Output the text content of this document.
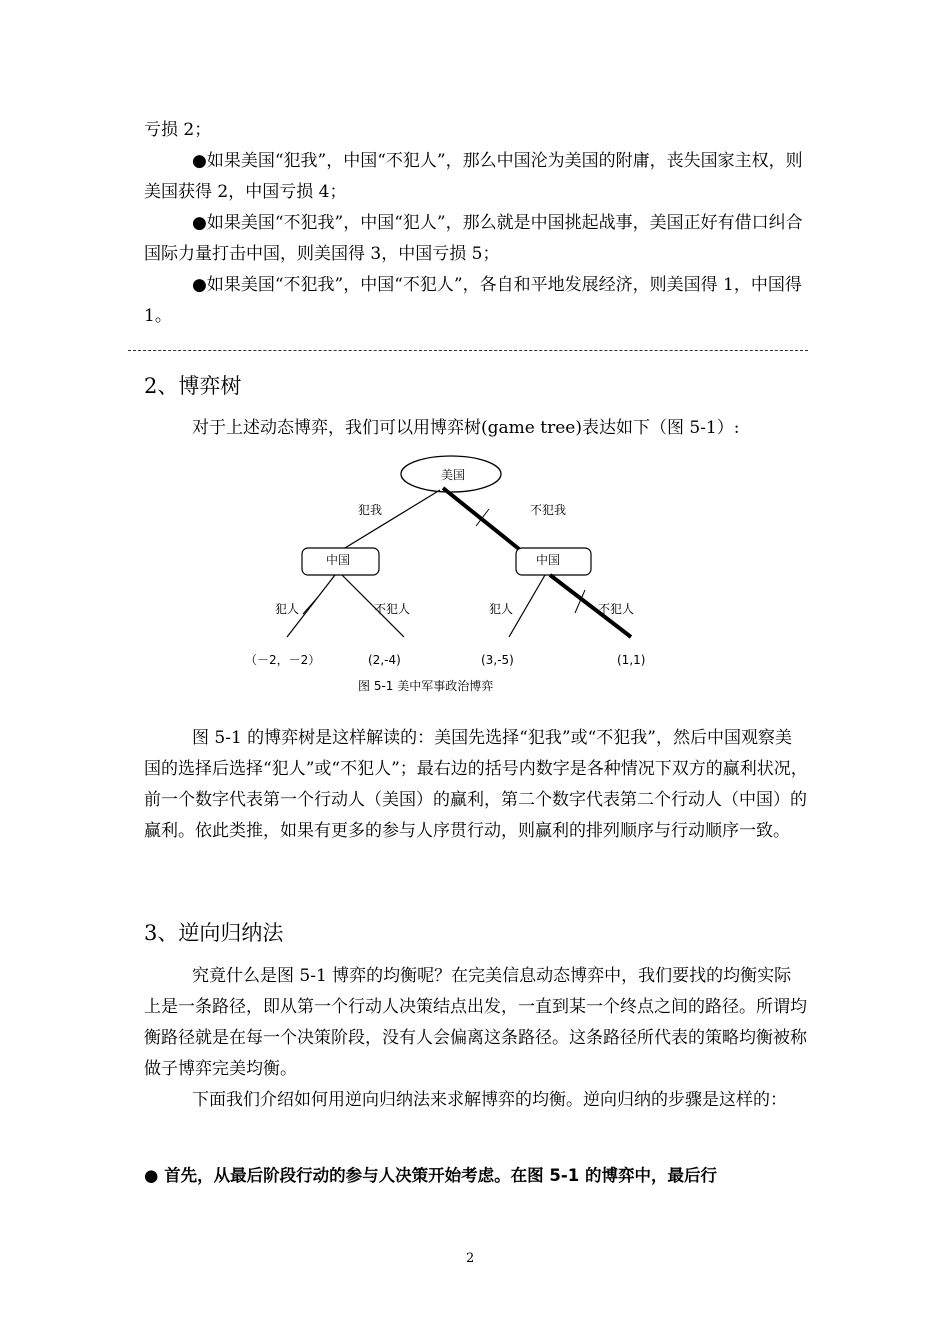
亏损 2；

●如果美国“犯我”，中国“不犯人”，那么中国沦为美国的附庸，丧失国家主权，则美国获得 2，中国亏损 4；

●如果美国“不犯我”，中国“犯人”，那么就是中国挑起战事，美国正好有借口纠合国际力量打击中国，则美国得 3，中国亏损 5；

●如果美国“不犯我”，中国“不犯人”，各自和平地发展经济，则美国得 1，中国得 1。

2、博弈树

对于上述动态博弈，我们可以用博弈树(game tree)表达如下（图 5-1）:

美国
犯我	不犯我
中国	中国
犯人	不犯人	犯人	不犯人
（－2，－2）	(2,-4)	(3,-5)	(1,1)
图 5-1 美中军事政治博弈

图 5-1 的博弈树是这样解读的：美国先选择“犯我”或“不犯我”，然后中国观察美国的选择后选择“犯人”或“不犯人”；最右边的括号内数字是各种情况下双方的赢利状况，前一个数字代表第一个行动人（美国）的赢利，第二个数字代表第二个行动人（中国）的赢利。依此类推，如果有更多的参与人序贯行动，则赢利的排列顺序与行动顺序一致。

3、逆向归纳法

究竟什么是图 5-1 博弈的均衡呢？在完美信息动态博弈中，我们要找的均衡实际上是一条路径，即从第一个行动人决策结点出发，一直到某一个终点之间的路径。所谓均衡路径就是在每一个决策阶段，没有人会偏离这条路径。这条路径所代表的策略均衡被称做子博弈完美均衡。

下面我们介绍如何用逆向归纳法来求解博弈的均衡。逆向归纳的步骤是这样的：

● 首先，从最后阶段行动的参与人决策开始考虑。在图 5-1 的博弈中，最后行

2
